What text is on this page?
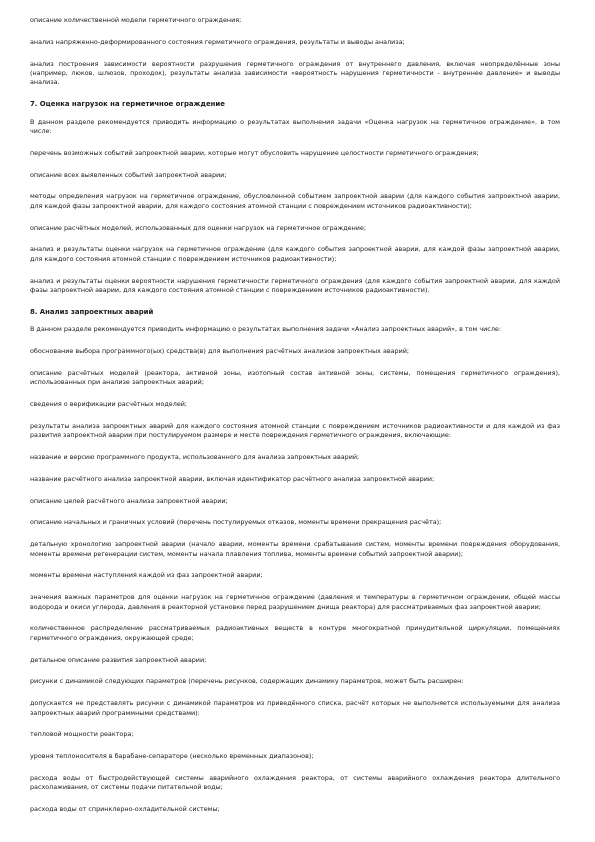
описание количественной модели герметичного ограждения;

анализ напряженно-деформированного состояния герметичного ограждения, результаты и выводы анализа;

анализ построения зависимости вероятности разрушения герметичного ограждения от внутреннего давления, включая неопределённые зоны (например, люков, шлюзов, проходок), результаты анализа зависимости «вероятность нарушения герметичности - внутреннее давление» и выводы анализа.

7. Оценка нагрузок на герметичное ограждение

В данном разделе рекомендуется приводить информацию о результатах выполнения задачи «Оценка нагрузок на герметичное ограждение», в том числе:

перечень возможных событий запроектной аварии, которые могут обусловить нарушение целостности герметичного ограждения;

описание всех выявленных событий запроектной аварии;

методы определения нагрузок на герметичное ограждение, обусловленной событием запроектной аварии (для каждого события запроектной аварии, для каждой фазы запроектной аварии, для каждого состояния атомной станции с повреждением источников радиоактивности);

описание расчётных моделей, использованных для оценки нагрузок на герметичное ограждение;

анализ и результаты оценки нагрузок на герметичное ограждение (для каждого события запроектной аварии, для каждой фазы запроектной аварии, для каждого состояния атомной станции с повреждением источников радиоактивности);

анализ и результаты оценки вероятности нарушения герметичности герметичного ограждения (для каждого события запроектной аварии, для каждой фазы запроектной аварии, для каждого состояния атомной станции с повреждением источников радиоактивности).

8. Анализ запроектных аварий

В данном разделе рекомендуется приводить информацию о результатах выполнения задачи «Анализ запроектных аварий», в том числе:

обоснование выбора программного(ых) средства(в) для выполнения расчётных анализов запроектных аварий;

описание расчётных моделей (реактора, активной зоны, изотопный состав активной зоны, системы, помещения герметичного ограждения), использованных при анализе запроектных аварий;

сведения о верификации расчётных моделей;

результаты анализа запроектных аварий для каждого состояния атомной станции с повреждением источников радиоактивности и для каждой из фаз развития запроектной аварии при постулируемом размере и месте повреждения герметичного ограждения, включающие:

название и версию программного продукта, использованного для анализа запроектных аварий;

название расчётного анализа запроектной аварии, включая идентификатор расчётного анализа запроектной аварии;

описание целей расчётного анализа запроектной аварии;

описание начальных и граничных условий (перечень постулируемых отказов, моменты времени прекращения расчёта);

детальную хронологию запроектной аварии (начало аварии, моменты времени срабатывания систем, моменты времени повреждения оборудования, моменты времени регенерации систем, моменты начала плавления топлива, моменты времени событий запроектной аварии);

моменты времени наступления каждой из фаз запроектной аварии;

значения важных параметров для оценки нагрузок на герметичное ограждение (давления и температуры в герметичном ограждении, общей массы водорода и окиси углерода, давления в реакторной установке перед разрушением днища реактора) для рассматриваемых фаз запроектной аварии;

количественное распределение рассматриваемых радиоактивных веществ в контуре многократной принудительной циркуляции, помещениях герметичного ограждения, окружающей среде;

детальное описание развития запроектной аварии;

рисунки с динамикой следующих параметров (перечень рисунков, содержащих динамику параметров, может быть расширен:

допускается не представлять рисунки с динамикой параметров из приведённого списка, расчёт которых не выполняется используемыми для анализа запроектных аварий программными средствами):

тепловой мощности реактора;

уровня теплоносителя в барабане-сепараторе (несколько временных диапазонов);

расхода воды от быстродействующей системы аварийного охлаждения реактора, от системы аварийного охлаждения реактора длительного расхолаживания, от системы подачи питательной воды;

расхода воды от спринклерно-охладительной системы;
